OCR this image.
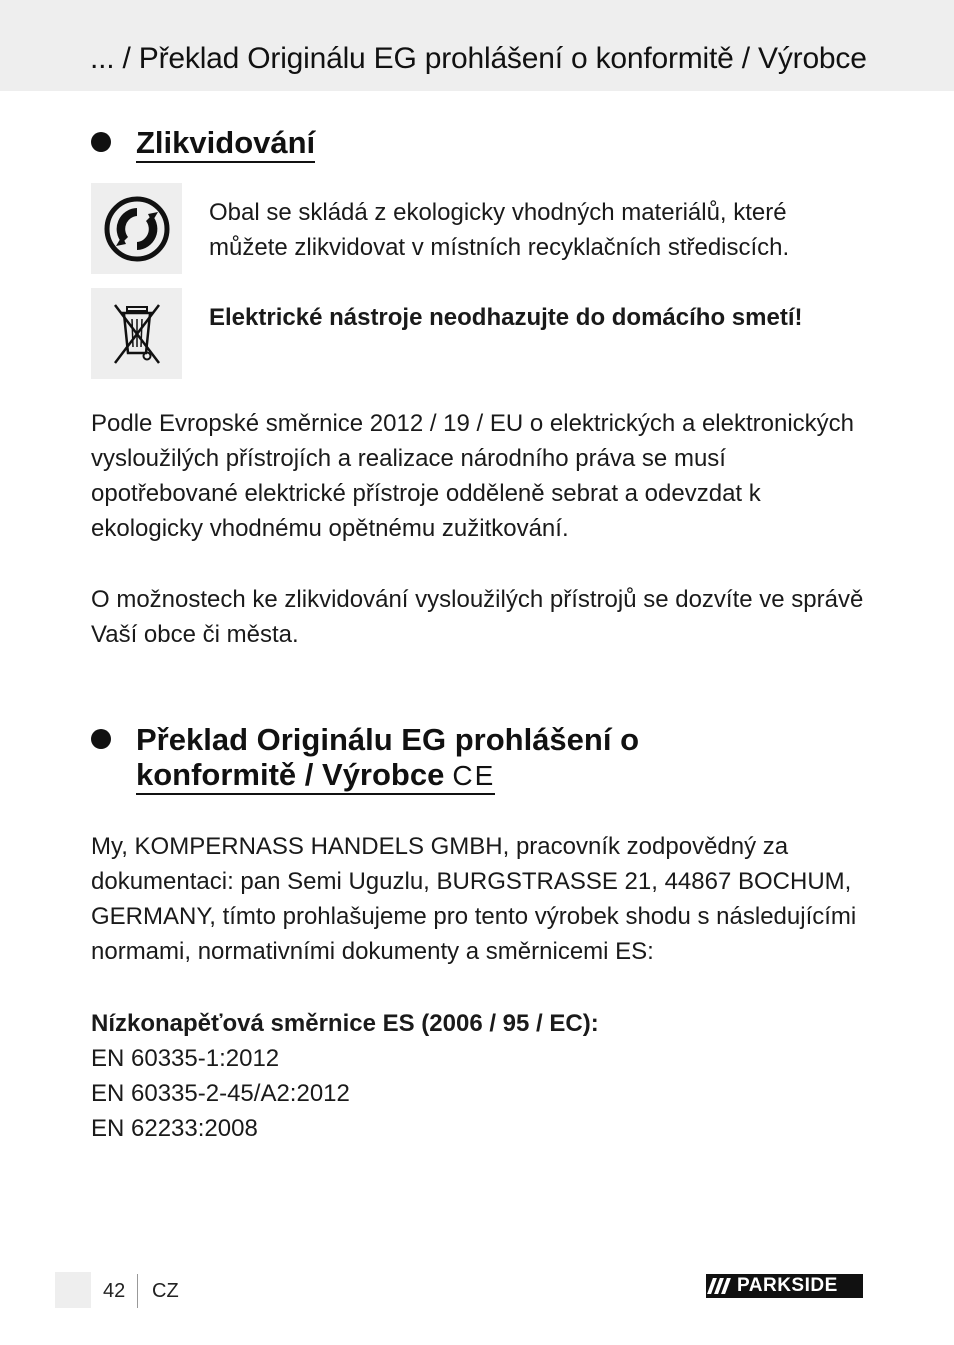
... / Překlad Originálu EG prohlášení o konformitě / Výrobce
Zlikvidování

Obal se skládá z ekologicky vhodných materiálů, které můžete zlikvidovat v místních recyklačních střediscích.

Elektrické nástroje neodhazujte do domácího smetí!

Podle Evropské směrnice 2012 / 19 / EU o elektrických a elektronických vysloužilých přístrojích a realizace národního práva se musí opotřebované elektrické přístroje odděleně sebrat a odevzdat k ekologicky vhodnému opětnému zužitkování.

O možnostech ke zlikvidování vysloužilých přístrojů se dozvíte ve správě Vaší obce či města.

Překlad Originálu EG prohlášení o
konformitě / Výrobce CE

My, KOMPERNASS HANDELS GMBH, pracovník zodpovědný za dokumentaci: pan Semi Uguzlu, BURGSTRASSE 21, 44867 BOCHUM, GERMANY, tímto prohlašujeme pro tento výrobek shodu s následujícími normami, normativními dokumenty a směrnicemi ES:

Nízkonapěťová směrnice ES (2006 / 95 / EC):

EN 60335-1:2012

EN 60335-2-45/A2:2012

EN 62233:2008

42 CZ	PARKSIDE
